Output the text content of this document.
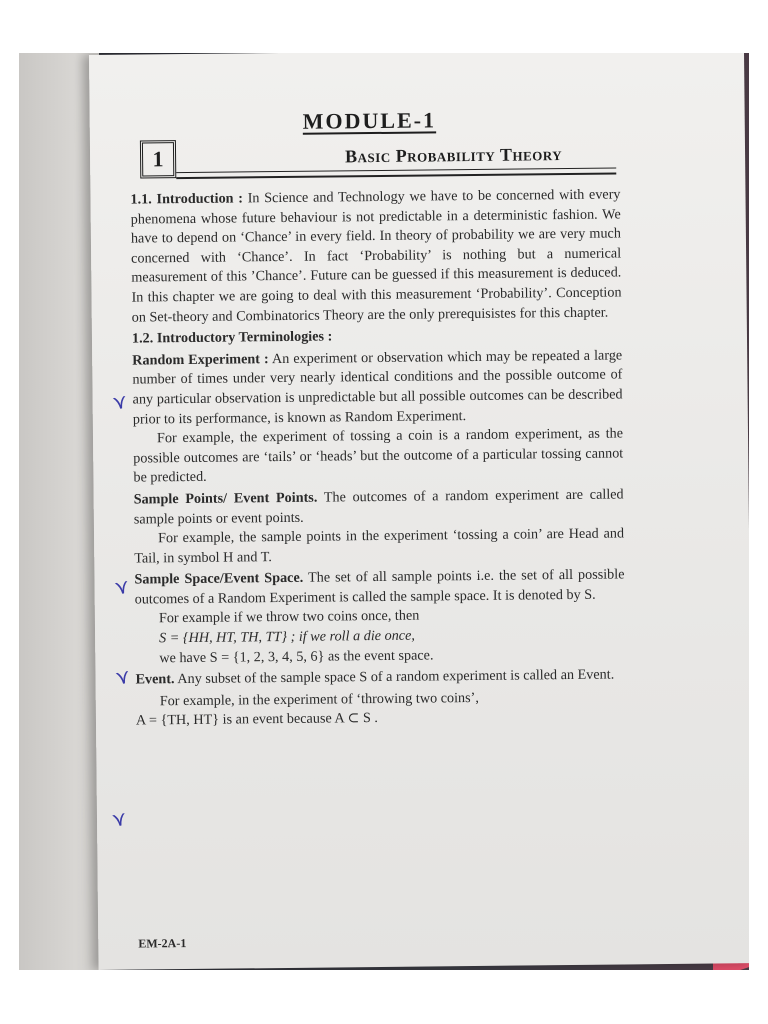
MODULE-1
1	Basic Probability Theory

1.1. Introduction : In Science and Technology we have to be concerned with every phenomena whose future behaviour is not predictable in a deterministic fashion. We have to depend on ‘Chance’ in every field. In theory of probability we are very much concerned with ‘Chance’. In fact ‘Probability’ is nothing but a numerical measurement of this ’Chance’. Future can be guessed if this measurement is deduced. In this chapter we are going to deal with this measurement ‘Probability’. Conception on Set-theory and Combinatorics Theory are the only prerequisistes for this chapter.

1.2. Introductory Terminologies :

Random Experiment : An experiment or observation which may be repeated a large number of times under very nearly identical conditions and the possible outcome of any particular observation is unpredictable but all possible outcomes can be described prior to its performance, is known as Random Experiment.

For example, the experiment of tossing a coin is a random experiment, as the possible outcomes are ‘tails’ or ‘heads’ but the outcome of a particular tossing cannot be predicted.

Sample Points/ Event Points. The outcomes of a random experiment are called sample points or event points.

For example, the sample points in the experiment ‘tossing a coin’ are Head and Tail, in symbol H and T.

Sample Space/Event Space. The set of all sample points i.e. the set of all possible outcomes of a Random Experiment is called the sample space. It is denoted by S.

For example if we throw two coins once, then

S = {HH, HT, TH, TT} ; if we roll a die once,

we have S = {1, 2, 3, 4, 5, 6} as the event space.

Event. Any subset of the sample space S of a random experiment is called an Event.

For example, in the experiment of ‘throwing two coins’,

A = {TH, HT} is an event because A ⊂ S .

EM-2A-1
⋎
⋎
⋎
⋎
